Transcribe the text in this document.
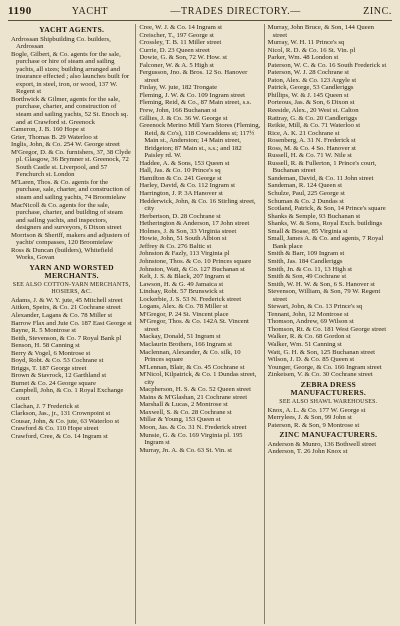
1190	YACHT	—TRADES DIRECTORY.—	ZINC.

YACHT AGENTS.

Ardrossan Shipbuilding Co. builders, Ardrossan

Bogle, Gilbert, & Co. agents for the sale, purchase or hire of steam and sailing yachts, all sizes; building arranged and insurance effected ; also launches built for export, in steel, iron, or wood, 137 W. Regent st

Borthwick & Gilmer, agents for the sale, purchase, charter, and construction of steam and sailing yachts, 52 St. Enoch sq. and at Crawford st. Greenock

Cameron, J. B. 160 Hope st

Grier, Thomas B. 29 Waterloo st

Inglis, John, & Co. 254 W. George street

M'Gregor, D. & Co. furnishers, 37, 38 Clyde pl. Glasgow, 36 Brymner st. Greenock, 72 South Castle st. Liverpool, and 57 Fenchurch st. London

M'Laren, Thos. & Co. agents for the purchase, sale, charter, and construction of steam and sailing yachts, 74 Broomielaw

MacNicoll & Co. agents for the sale, purchase, charter, and building of steam and sailing yachts, and inspectors, designers and surveyors, 6 Dixon street

Morrison & Sheriff, makers and adjusters of yachts' compasses, 120 Broomielaw

Ross & Duncan (builders), Whitefield Works, Govan

YARN AND WORSTED MERCHANTS.

SEE ALSO COTTON-YARN MERCHANTS, HOSIERS, &C.

Adams, J. & W. Y. jute, 45 Mitchell street

Aitken, Speirs, & Co. 21 Cochrane street

Alexander, Lagans & Co. 78 Miller st

Barrow Flax and Jute Co. 187 East George st

Bayne, R. 5 Montrose st

Beith, Stevenson, & Co. 7 Royal Bank pl

Benson, H. 58 Canning st

Berry & Vogel, 6 Montrose st

Boyd, Robt. & Co. 53 Cochrane st

Briggs, T. 187 George street

Brown & Stavrock, 12 Garthland st

Burnet & Co. 24 George square

Campbell, John, & Co. 1 Royal Exchange court

Clachan, J. 7 Frederick st

Clarkson, Jas., jr., 131 Crownpoint st

Cousar, John, & Co. jute, 63 Waterloo st

Crawford & Co. 110 Hope street

Crawford, Cree, & Co. 14 Ingram st

Cree, W. J. & Co. 14 Ingram st

Creischer, T., 197 George st

Crossley, T. B. 11 Miller street

Currie, D. 23 Queen street

Dowie, G. & Son, 72 W. How. st

Falconer, W. & A. 5 High st

Fergusson, Jno. & Bros. 12 So. Hanover street

Finlay, W. jute, 182 Trongate

Fleming, J. W. & Co. 109 Ingram street

Fleming, Reid, & Co., 87 Main street, s.s.

Frew, John, 166 Buchanan st

Gillies, J. & Co. 36 W. George st

Greenock Merino Mill Yarn Stores (Fleming, Reid, & Co's), 118 Cowcaddens st; 117½ Main st., Anderston; 14 Main street, Bridgeton; 87 Main st., s.s.; and 182 Paisley rd. W.

Haddee, A. & Sons, 153 Queen st

Hall, Jas. & Co. 10 Prince's sq

Hamilton & Co. 241 George st

Harley, David, & Co. 112 Ingram st

Harrington, J. P. 3A Hanover st

Hedderwick, John, & Co. 16 Stirling street, city

Herbertson, D. 28 Cochrane st

Hetherington & Anderson, 17 John street

Holmes, J. & Son, 33 Virginia street

Howie, John, 51 South Albion st

Jeffrey & Co. 276 Baltic st

Johnston & Fazly, 113 Virginia pl

Johnstone, Thos. & Co. 10 Princes square

Johnston, Watt, & Co. 127 Buchanan st

Kelt, J. S. & Black, 207 Ingram st

Lawson, H. & G. 49 Jamaica st

Lindsay, Robt. 57 Brunswick st

Lockerbie, J. S. 53 N. Frederick street

Logans, Alex. & Co. 78 Miller st

M'Gregor, P. 24 St. Vincent place

M'Gregor, Thos. & Co. 142A St. Vincent street

Mackay, Donald, 51 Ingram st

Maclaurin Brothers, 166 Ingram st

Maclennan, Alexander, & Co. silk, 10 Princes square

M'Lennan, Blair, & Co. 45 Cochrane st

M'Nicol, Kilpatrick, & Co. 1 Dundas street, city

Macpherson, H. S. & Co. 52 Queen street

Mains & M'Glashan, 21 Cochrane street

Marshall & Lucas, 2 Montrose st

Maxwell, S. & Co. 28 Cochrane st

Millar & Young, 153 Queen st

Moon, Jas. & Co. 31 N. Frederick street

Munsie, G. & Co. 169 Virginia pl. 195 Ingram st

Murray, Jn. A. & Co. 63 St. Vin. st

Murray, John Bruce, & Son, 144 Queen street

Murray, W. H. 11 Prince's sq

Nicol, R. D. & Co. 16 St. Vin. pl

Parker, Wm. 48 London st

Paterson, W. C. & Co. 16 South Frederick st

Paterson, W. J. 28 Cochrane st

Paton, Alex. & Co. 123 Argyle st

Patrick, George, 53 Candleriggs

Phillips, W. & J. 145 Queen st

Porteous, Jas. & Son, 6 Dixon st

Reeside, Alex., 20 West st. Calton

Rattray, G. & Co. 20 Candleriggs

Reikie, Mill, & Co. 71 Waterloo st

Rice, A. K. 21 Cochrane st

Rosenberg, A. 31 N. Frederick st

Ross, M. & Co. 4 So. Hanover st

Russell, H. & Co. 71 W. Nile st

Russell, R. & Fullerton, 1 Prince's court, Buchanan street

Sandeman, David, & Co. 11 John street

Sandeman, R. 124 Queen st

Schulze, Paul, 225 George st

Schuman & Co. 2 Dundas st

Scotland, Patrick, & Son, 14 Prince's square

Shanks & Semple, 93 Buchanan st

Shanks, W. & Sons, Royal Exch. buildings

Small & Boase, 85 Virginia st

Small, James A. & Co. and agents, 7 Royal Bank place

Smith & Barr, 109 Ingram st

Smith, Jas. 184 Candleriggs

Smith, Jn. & Co. 11, 13 High st

Smith & Son, 49 Cochrane st

Smith, W. H. W. & Son, 6 S. Hanover st

Stevenson, William, & Son, 79 W. Regent street

Stewart, John, & Co. 13 Prince's sq

Tennant, John, 12 Montrose st

Thomson, Andrew, 69 Wilson st

Thomson, Rt. & Co. 181 West George street

Walker, R. & Co. 68 Gordon st

Walker, Wm. 51 Canning st

Watt, G. H. & Son, 125 Buchanan street

Wilson, J. D. & Co. 85 Queen st

Younger, George, & Co. 166 Ingram street

Zinkeisen, V. & Co. 30 Cochrane street

ZEBRA DRESS MANUFACTURERS.

SEE ALSO SHAWL WAREHOUSES.

Knox, A. L. & Co. 177 W. George st

Merrylees, J. & Son, 99 John st

Paterson, R. & Son, 9 Montrose st

ZINC MANUFACTURERS.

Anderson & Munro, 136 Bothwell street

Anderson, T. 26 John Knox st
